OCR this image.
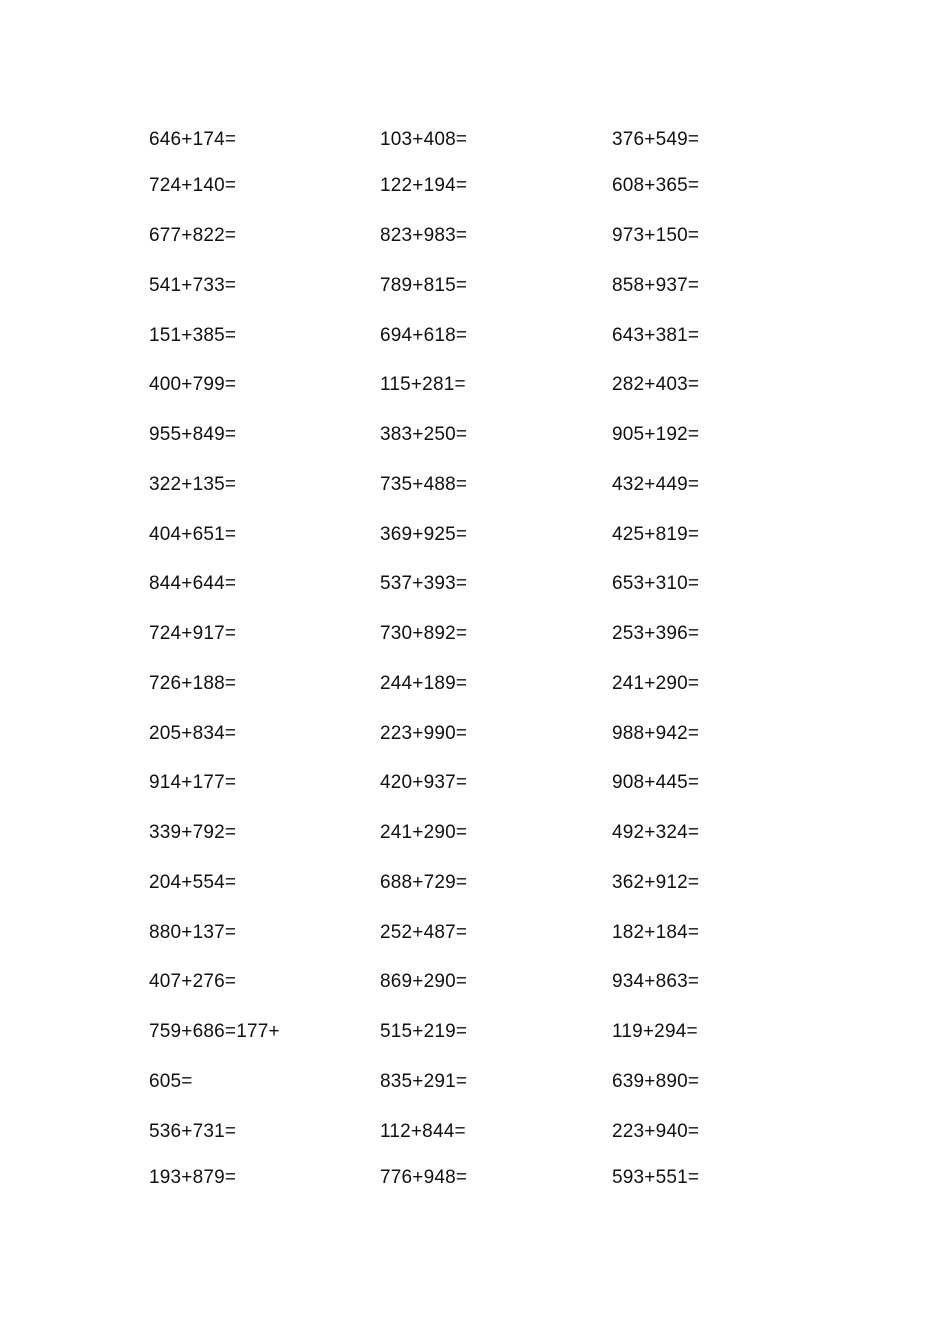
646+174=	103+408=	376+549=
724+140=	122+194=	608+365=
677+822=	823+983=	973+150=
541+733=	789+815=	858+937=
151+385=	694+618=	643+381=
400+799=	115+281=	282+403=
955+849=	383+250=	905+192=
322+135=	735+488=	432+449=
404+651=	369+925=	425+819=
844+644=	537+393=	653+310=
724+917=	730+892=	253+396=
726+188=	244+189=	241+290=
205+834=	223+990=	988+942=
914+177=	420+937=	908+445=
339+792=	241+290=	492+324=
204+554=	688+729=	362+912=
880+137=	252+487=	182+184=
407+276=	869+290=	934+863=
759+686=177+	515+219=	119+294=
605=	835+291=	639+890=
536+731=	112+844=	223+940=
193+879=	776+948=	593+551=
